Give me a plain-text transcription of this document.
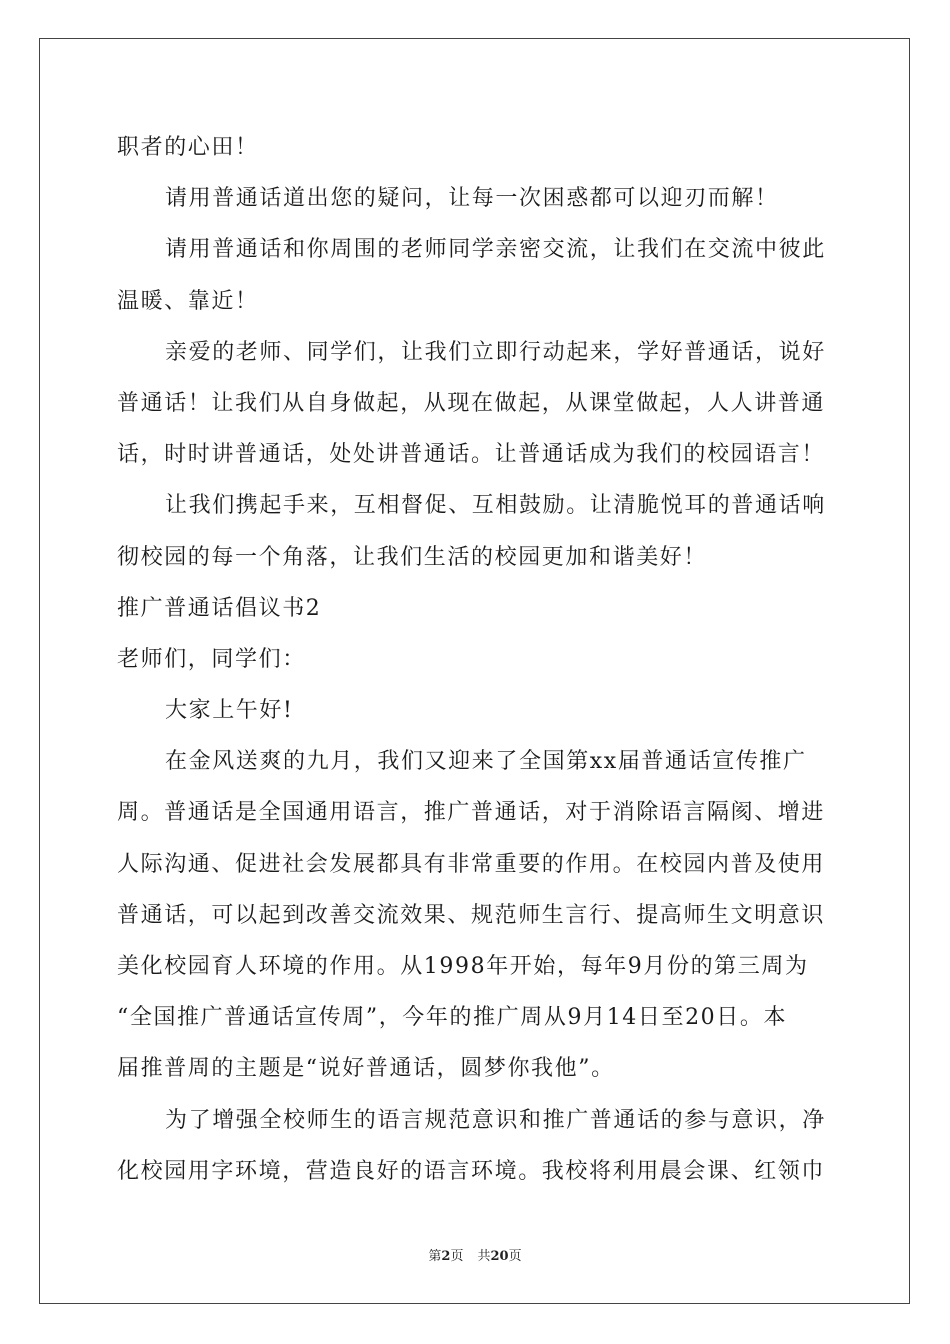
职者的心田！
请用普通话道出您的疑问，让每一次困惑都可以迎刃而解！
请用普通话和你周围的老师同学亲密交流，让我们在交流中彼此
温暖、靠近！
亲爱的老师、同学们，让我们立即行动起来，学好普通话，说好
普通话！让我们从自身做起，从现在做起，从课堂做起，人人讲普通
话，时时讲普通话，处处讲普通话。让普通话成为我们的校园语言！
让我们携起手来，互相督促、互相鼓励。让清脆悦耳的普通话响
彻校园的每一个角落，让我们生活的校园更加和谐美好！
推广普通话倡议书2
老师们，同学们：
大家上午好!
在金风送爽的九月，我们又迎来了全国第xx届普通话宣传推广
周。普通话是全国通用语言，推广普通话，对于消除语言隔阂、增进
人际沟通、促进社会发展都具有非常重要的作用。在校园内普及使用
普通话，可以起到改善交流效果、规范师生言行、提高师生文明意识
美化校园育人环境的作用。从1998年开始，每年9月份的第三周为
“全国推广普通话宣传周”，今年的推广周从9月14日至20日。本
届推普周的主题是“说好普通话，圆梦你我他”。
为了增强全校师生的语言规范意识和推广普通话的参与意识，净
化校园用字环境，营造良好的语言环境。我校将利用晨会课、红领巾
第2页 共20页
